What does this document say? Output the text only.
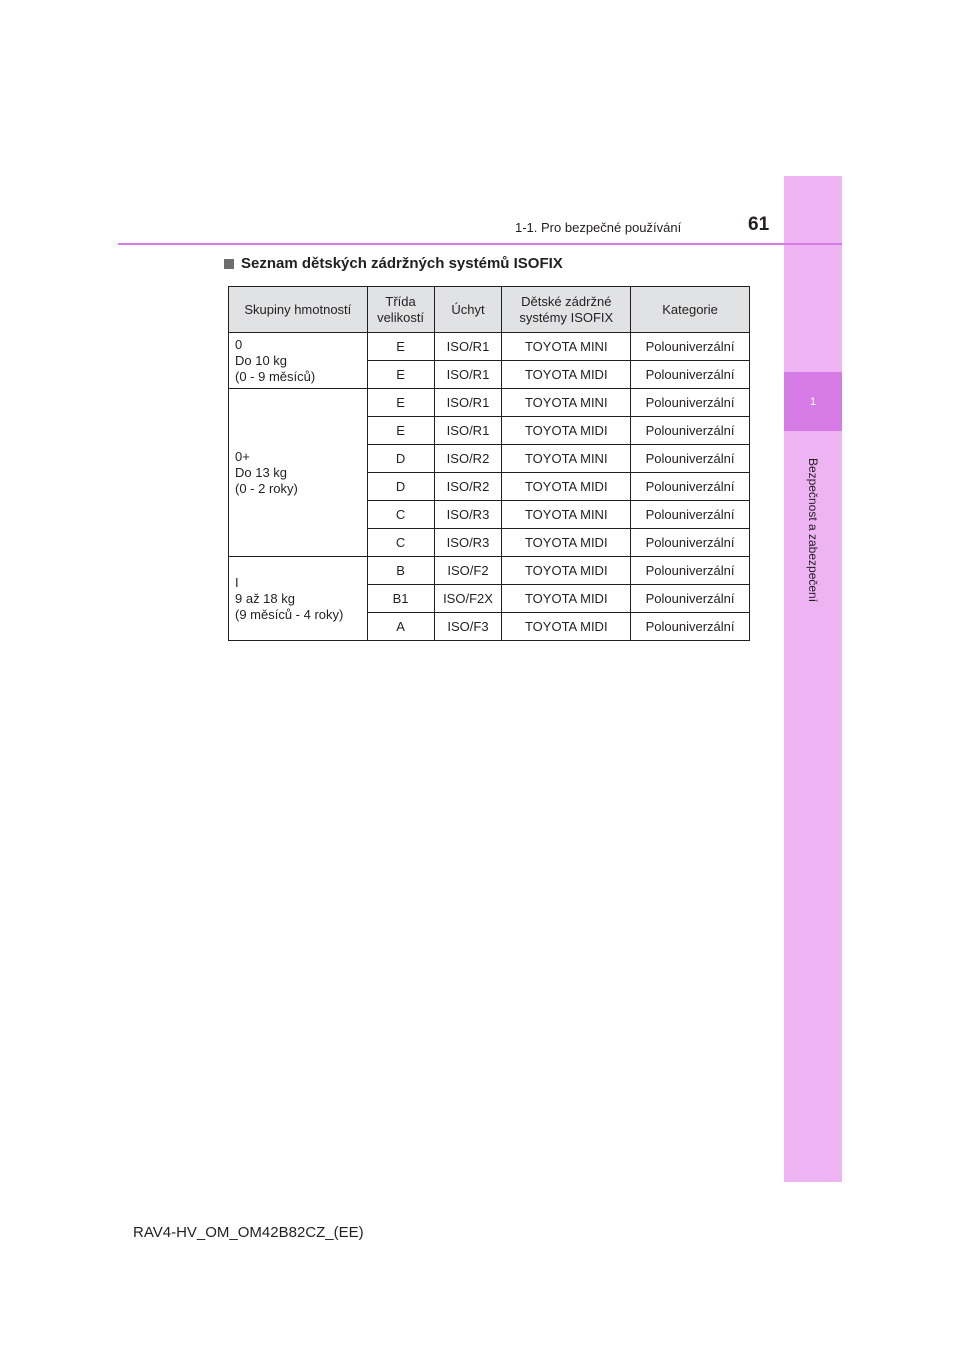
1
Bezpečnost a zabezpečení
1-1. Pro bezpečné používání	61
Seznam dětských zádržných systémů ISOFIX
Skupiny hmotností	Třída velikostí	Úchyt	Dětské zádržné systémy ISOFIX	Kategorie
0
Do 10 kg
(0 - 9 měsíců)	E	ISO/R1	TOYOTA MINI	Polouniverzální
	E	ISO/R1	TOYOTA MIDI	Polouniverzální
0+
Do 13 kg
(0 - 2 roky)	E	ISO/R1	TOYOTA MINI	Polouniverzální
	E	ISO/R1	TOYOTA MIDI	Polouniverzální
	D	ISO/R2	TOYOTA MINI	Polouniverzální
	D	ISO/R2	TOYOTA MIDI	Polouniverzální
	C	ISO/R3	TOYOTA MINI	Polouniverzální
	C	ISO/R3	TOYOTA MIDI	Polouniverzální
I
9 až 18 kg
(9 měsíců - 4 roky)	B	ISO/F2	TOYOTA MIDI	Polouniverzální
	B1	ISO/F2X	TOYOTA MIDI	Polouniverzální
	A	ISO/F3	TOYOTA MIDI	Polouniverzální
RAV4-HV_OM_OM42B82CZ_(EE)
